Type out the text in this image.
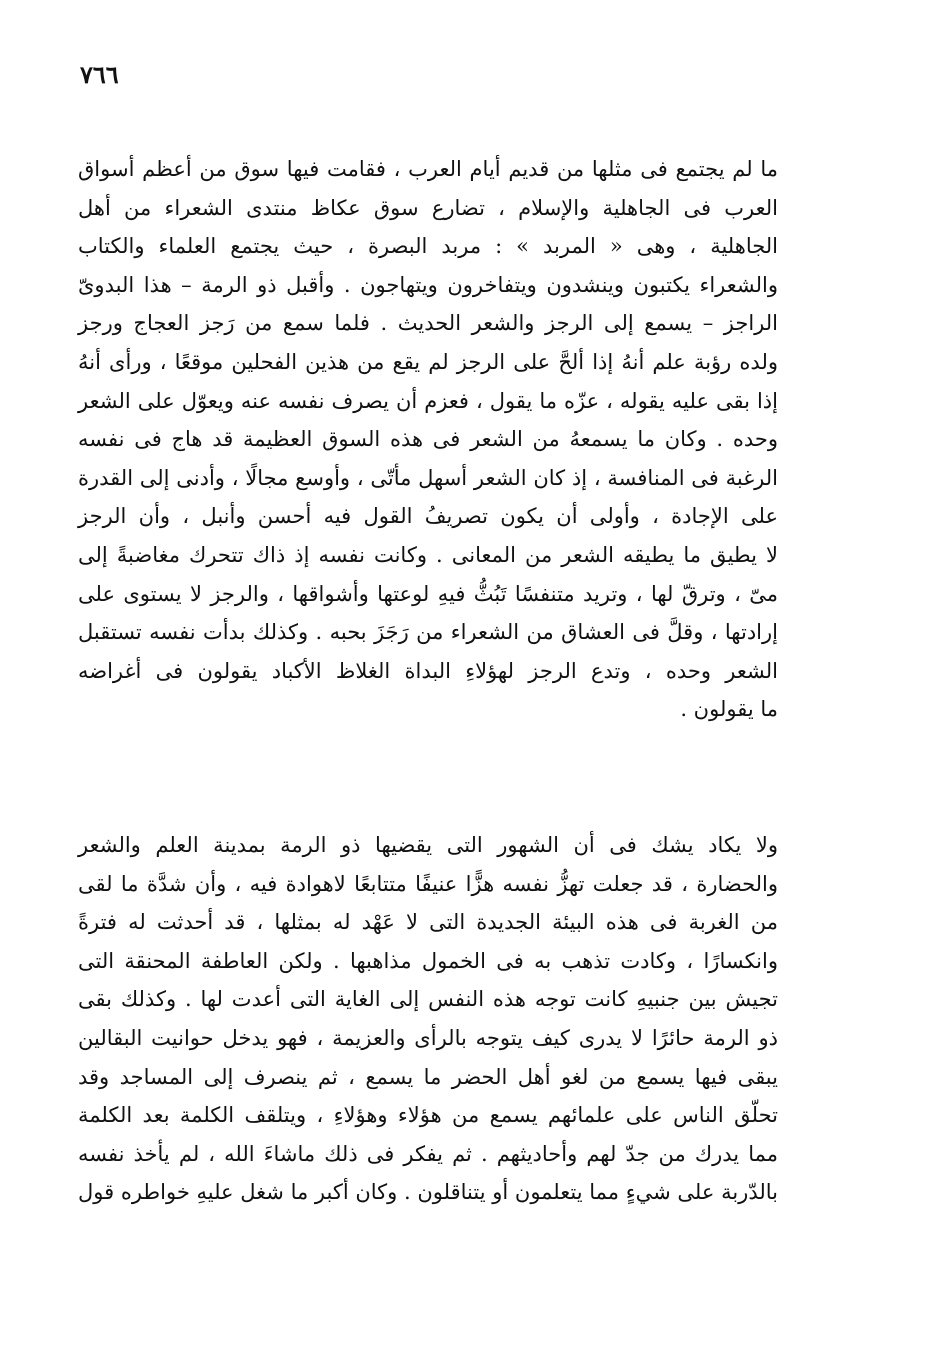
٧٦٦
ما لم يجتمع فى مثلها من قديم أيام العرب ، فقامت فيها سوق من أعظم أسواق
العرب فى الجاهلية والإسلام ، تضارع سوق عكاظ منتدى الشعراء من أهل
الجاهلية ، وهى « المربد » : مربد البصرة ، حيث يجتمع العلماء والكتاب
والشعراء يكتبون وينشدون ويتفاخرون ويتهاجون . وأقبل ذو الرمة – هذا البدوىّ
الراجز – يسمع إلى الرجز والشعر الحديث . فلما سمع من رَجز العجاج ورجز
ولده رؤبة علم أنهُ إذا ألحَّ على الرجز لم يقع من هذين الفحلين موقعًا ، ورأى أنهُ
إذا بقى عليه يقوله ، عزّه ما يقول ، فعزم أن يصرف نفسه عنه ويعوّل على الشعر
وحده . وكان ما يسمعهُ من الشعر فى هذه السوق العظيمة قد هاج فى نفسه
الرغبة فى المنافسة ، إذ كان الشعر أسهل مأتّى ، وأوسع مجالًا ، وأدنى إلى القدرة
على الإجادة ، وأولى أن يكون تصريفُ القول فيه أحسن وأنبل ، وأن الرجز
لا يطيق ما يطيقه الشعر من المعانى . وكانت نفسه إذ ذاك تتحرك مغاضبةً إلى
مىّ ، وترقّ لها ، وتريد متنفسًا تَبُثُّ فيهِ لوعتها وأشواقها ، والرجز لا يستوى على
إرادتها ، وقلَّ فى العشاق من الشعراء من رَجَزَ بحبه . وكذلك بدأت نفسه تستقبل
الشعر وحده ، وتدع الرجز لهؤلاءِ البداة الغلاظ الأكباد يقولون فى أغراضه
ما يقولون .
ولا يكاد يشك فى أن الشهور التى يقضيها ذو الرمة بمدينة العلم والشعر
والحضارة ، قد جعلت تهزُّ نفسه هزًّا عنيفًا متتابعًا لاهوادة فيه ، وأن شدَّة ما لقى
من الغربة فى هذه البيئة الجديدة التى لا عَهْد له بمثلها ، قد أحدثت له فترةً
وانكسارًا ، وكادت تذهب به فى الخمول مذاهبها . ولكن العاطفة المحنقة التى
تجيش بين جنبيهِ كانت توجه هذه النفس إلى الغاية التى أعدت لها . وكذلك بقى
ذو الرمة حائرًا لا يدرى كيف يتوجه بالرأى والعزيمة ، فهو يدخل حوانيت البقالين
يبقى فيها يسمع من لغو أهل الحضر ما يسمع ، ثم ينصرف إلى المساجد وقد
تحلّق الناس على علمائهم يسمع من هؤلاء وهؤلاءِ ، ويتلقف الكلمة بعد الكلمة
مما يدرك من جدّ لهم وأحاديثهم . ثم يفكر فى ذلك ماشاءَ الله ، لم يأخذ نفسه
بالدّربة على شيءٍ مما يتعلمون أو يتناقلون . وكان أكبر ما شغل عليهِ خواطره قول
